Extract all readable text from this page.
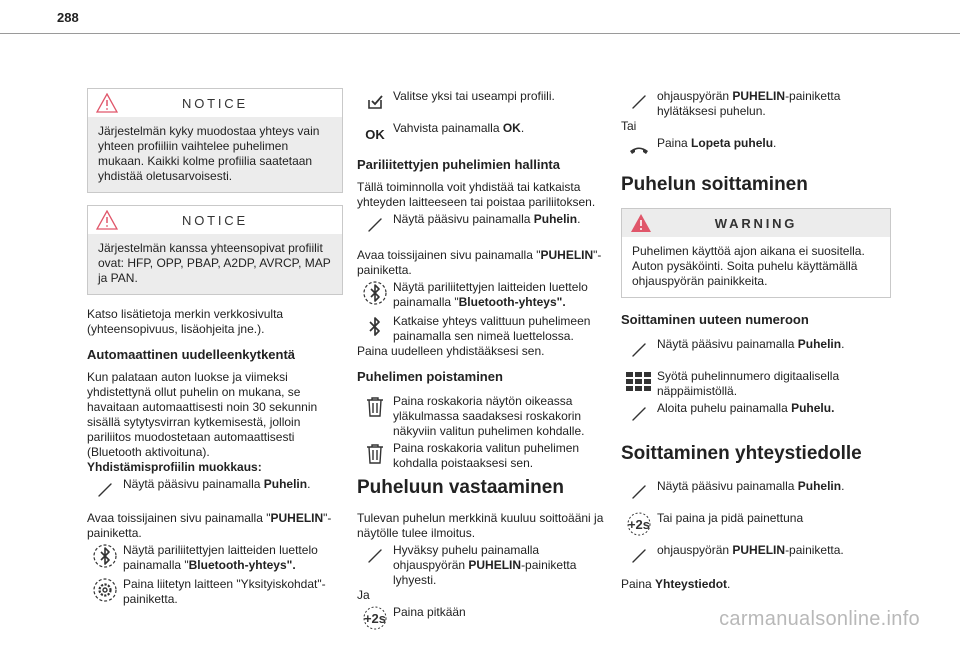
288
NOTICE
Järjestelmän kyky muodostaa yhteys vain yhteen profiiliin vaihtelee puhelimen mukaan. Kaikki kolme profiilia saatetaan yhdistää oletusarvoisesti.
NOTICE
Järjestelmän kanssa yhteensopivat profiilit ovat: HFP, OPP, PBAP, A2DP, AVRCP, MAP ja PAN.

Katso lisätietoja merkin verkkosivulta (yhteensopivuus, lisäohjeita jne.).

Automaattinen uudelleenkytkentä

Kun palataan auton luokse ja viimeksi yhdistettynä ollut puhelin on mukana, se havaitaan automaattisesti noin 30 sekunnin sisällä sytytysvirran kytkemisestä, jolloin pariliitos muodostetaan automaattisesti (Bluetooth aktivoituna).

Yhdistämisprofiilin muokkaus:
Näytä pääsivu painamalla Puhelin.

Avaa toissijainen sivu painamalla "PUHELIN"-painiketta.

Näytä pariliitettyjen laitteiden luettelo painamalla "Bluetooth-yhteys".
Paina liitetyn laitteen "Yksityiskohdat"-painiketta.
Valitse yksi tai useampi profiili.
OK Vahvista painamalla OK.
Pariliitettyjen puhelimien hallinta

Tällä toiminnolla voit yhdistää tai katkaista yhteyden laitteeseen tai poistaa pariliitoksen.

Näytä pääsivu painamalla Puhelin.

Avaa toissijainen sivu painamalla "PUHELIN"-painiketta.

Näytä pariliitettyjen laitteiden luettelo painamalla "Bluetooth-yhteys".
Katkaise yhteys valittuun puhelimeen painamalla sen nimeä luettelossa.

Paina uudelleen yhdistääksesi sen.

Puhelimen poistaminen
Paina roskakoria näytön oikeassa yläkulmassa saadaksesi roskakorin näkyviin valitun puhelimen kohdalle.
Paina roskakoria valitun puhelimen kohdalla poistaaksesi sen.
Puheluun vastaaminen

Tulevan puhelun merkkinä kuuluu soittoääni ja näytölle tulee ilmoitus.

Hyväksy puhelu painamalla ohjauspyörän PUHELIN-painiketta lyhyesti.
Ja
+2s Paina pitkään
ohjauspyörän PUHELIN-painiketta hylätäksesi puhelun.
Tai
Paina Lopeta puhelu.
Puhelun soittaminen
WARNING
Puhelimen käyttöä ajon aikana ei suositella. Auton pysäköinti. Soita puhelu käyttämällä ohjauspyörän painikkeita.
Soittaminen uuteen numeroon
Näytä pääsivu painamalla Puhelin.
Syötä puhelinnumero digitaalisella näppäimistöllä.
Aloita puhelu painamalla Puhelu.
Soittaminen yhteystiedolle
Näytä pääsivu painamalla Puhelin.
+2s Tai paina ja pidä painettuna
ohjauspyörän PUHELIN-painiketta.

Paina Yhteystiedot.

carmanualsonline.info
